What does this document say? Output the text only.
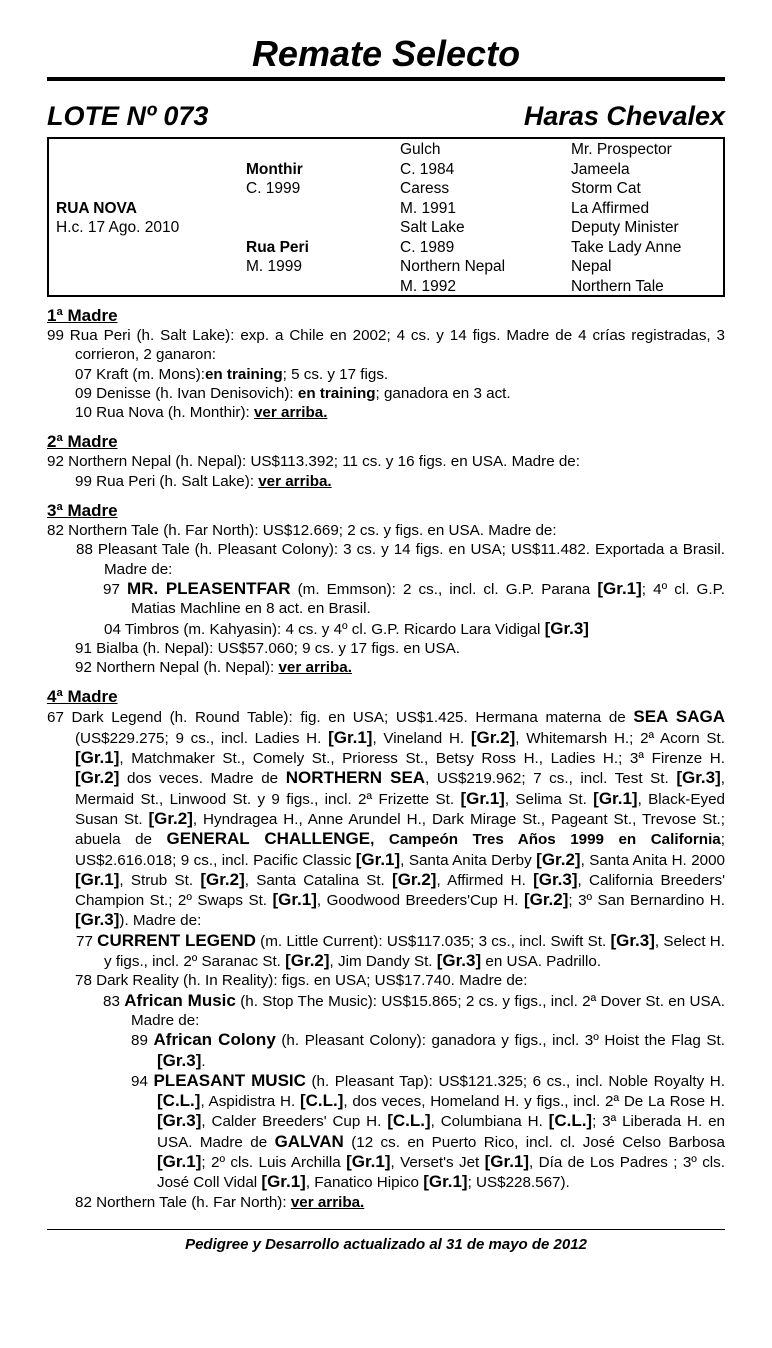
Remate Selecto
LOTE Nº 073	Haras Chevalex
RUA NOVA
H.c. 17 Ago. 2010
Monthir
C. 1999
Rua Peri
M. 1999
Gulch
C. 1984
Caress
M. 1991
Salt Lake
C. 1989
Northern Nepal
M. 1992
Mr. Prospector
Jameela
Storm Cat
La Affirmed
Deputy Minister
Take Lady Anne
Nepal
Northern Tale
1ª Madre
99 Rua Peri (h. Salt Lake): exp. a Chile en 2002; 4 cs. y 14 figs. Madre de 4 crías registradas, 3 corrieron, 2 ganaron:
07 Kraft (m. Mons):en training; 5 cs. y 17 figs.
09 Denisse (h. Ivan Denisovich): en training; ganadora en 3 act.
10 Rua Nova (h. Monthir): ver arriba.
2ª Madre
92 Northern Nepal (h. Nepal): US$113.392; 11 cs. y 16 figs. en USA. Madre de:
99 Rua Peri (h. Salt Lake): ver arriba.
3ª Madre
82 Northern Tale (h. Far North): US$12.669; 2 cs. y figs. en USA. Madre de:
88 Pleasant Tale (h. Pleasant Colony): 3 cs. y 14 figs. en USA; US$11.482. Exportada a Brasil. Madre de:
97 MR. PLEASENTFAR (m. Emmson): 2 cs., incl. cl. G.P. Parana [Gr.1]; 4º cl. G.P. Matias Machline en 8 act. en Brasil.
04 Timbros (m. Kahyasin): 4 cs. y 4º cl. G.P. Ricardo Lara Vidigal [Gr.3]
91 Bialba (h. Nepal): US$57.060; 9 cs. y 17 figs. en USA.
92 Northern Nepal (h. Nepal): ver arriba.
4ª Madre
67 Dark Legend (h. Round Table): fig. en USA; US$1.425. Hermana materna de SEA SAGA (US$229.275; 9 cs., incl. Ladies H. [Gr.1], Vineland H. [Gr.2], Whitemarsh H.; 2ª Acorn St. [Gr.1], Matchmaker St., Comely St., Prioress St., Betsy Ross H., Ladies H.; 3ª Firenze H. [Gr.2] dos veces. Madre de NORTHERN SEA, US$219.962; 7 cs., incl. Test St. [Gr.3], Mermaid St., Linwood St. y 9 figs., incl. 2ª Frizette St. [Gr.1], Selima St. [Gr.1], Black-Eyed Susan St. [Gr.2], Hyndragea H., Anne Arundel H., Dark Mirage St., Pageant St., Trevose St.; abuela de GENERAL CHALLENGE, Campeón Tres Años 1999 en California; US$2.616.018; 9 cs., incl. Pacific Classic [Gr.1], Santa Anita Derby [Gr.2], Santa Anita H. 2000 [Gr.1], Strub St. [Gr.2], Santa Catalina St. [Gr.2], Affirmed H. [Gr.3], California Breeders' Champion St.; 2º Swaps St. [Gr.1], Goodwood Breeders'Cup H. [Gr.2]; 3º San Bernardino H. [Gr.3]). Madre de:
77 CURRENT LEGEND (m. Little Current): US$117.035; 3 cs., incl. Swift St. [Gr.3], Select H. y figs., incl. 2º Saranac St. [Gr.2], Jim Dandy St. [Gr.3] en USA. Padrillo.
78 Dark Reality (h. In Reality): figs. en USA; US$17.740. Madre de:
83 African Music (h. Stop The Music): US$15.865; 2 cs. y figs., incl. 2ª Dover St. en USA. Madre de:
89 African Colony (h. Pleasant Colony): ganadora y figs., incl. 3º Hoist the Flag St. [Gr.3].
94 PLEASANT MUSIC (h. Pleasant Tap): US$121.325; 6 cs., incl. Noble Royalty H. [C.L.], Aspidistra H. [C.L.], dos veces, Homeland H. y figs., incl. 2ª De La Rose H. [Gr.3], Calder Breeders' Cup H. [C.L.], Columbiana H. [C.L.]; 3ª Liberada H. en USA. Madre de GALVAN (12 cs. en Puerto Rico, incl. cl. José Celso Barbosa [Gr.1]; 2º cls. Luis Archilla [Gr.1], Verset's Jet [Gr.1], Día de Los Padres ; 3º cls. José Coll Vidal [Gr.1], Fanatico Hipico [Gr.1]; US$228.567).
82 Northern Tale (h. Far North): ver arriba.
Pedigree y Desarrollo actualizado al 31 de mayo de 2012
